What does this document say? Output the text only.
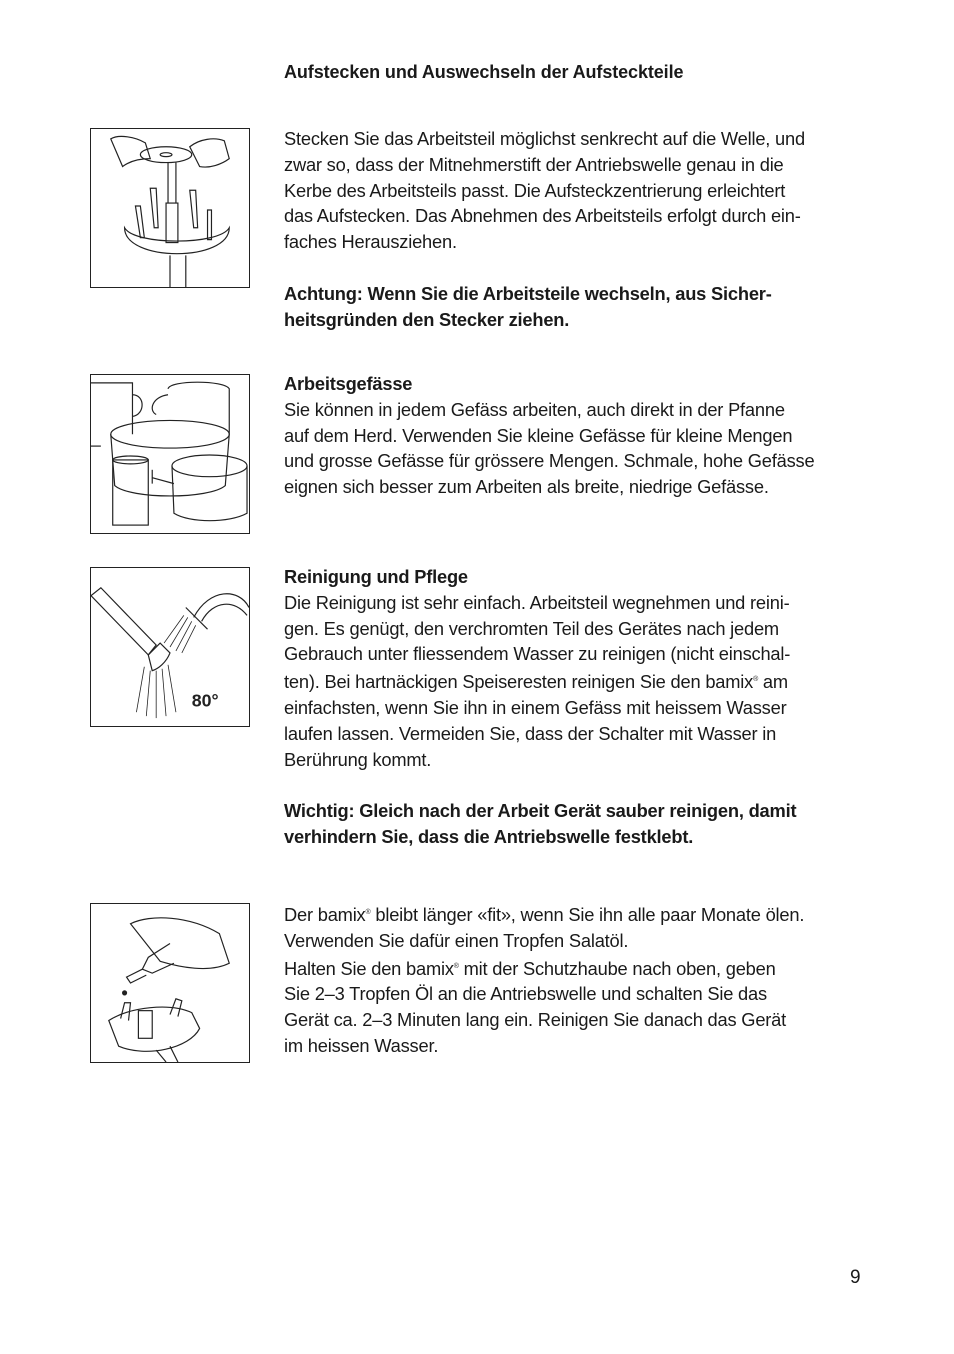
Aufstecken und Auswechseln der Aufsteckteile

Stecken Sie das Arbeitsteil möglichst senkrecht auf die Welle, und

zwar so, dass der Mitnehmerstift der Antriebswelle genau in die

Kerbe des Arbeitsteils passt. Die Aufsteckzentrierung erleichtert

das Aufstecken. Das Abnehmen des Arbeitsteils erfolgt durch ein-

faches Herausziehen.

Achtung: Wenn Sie die Arbeitsteile wechseln, aus Sicher-

heitsgründen den Stecker ziehen.

Arbeitsgefässe

Sie können in jedem Gefäss arbeiten, auch direkt in der Pfanne

auf dem Herd. Verwenden Sie kleine Gefässe für kleine Mengen

und grosse Gefässe für grössere Mengen. Schmale, hohe Gefässe

eignen sich besser zum Arbeiten als breite, niedrige Gefässe.

80°

Reinigung und Pflege

Die Reinigung ist sehr einfach. Arbeitsteil wegnehmen und reini-

gen. Es genügt, den verchromten Teil des Gerätes nach jedem

Gebrauch unter fliessendem Wasser zu reinigen (nicht einschal-

ten). Bei hartnäckigen Speiseresten reinigen Sie den bamix® am

einfachsten, wenn Sie ihn in einem Gefäss mit heissem Wasser

laufen lassen. Vermeiden Sie, dass der Schalter mit Wasser in

Berührung kommt.

Wichtig: Gleich nach der Arbeit Gerät sauber reinigen, damit

verhindern Sie, dass die Antriebswelle festklebt.

Der bamix® bleibt länger «fit», wenn Sie ihn alle paar Monate ölen.

Verwenden Sie dafür einen Tropfen Salatöl.

Halten Sie den bamix® mit der Schutzhaube nach oben, geben

Sie 2–3 Tropfen Öl an die Antriebswelle und schalten Sie das

Gerät ca. 2–3 Minuten lang ein. Reinigen Sie danach das Gerät

im heissen Wasser.

9
